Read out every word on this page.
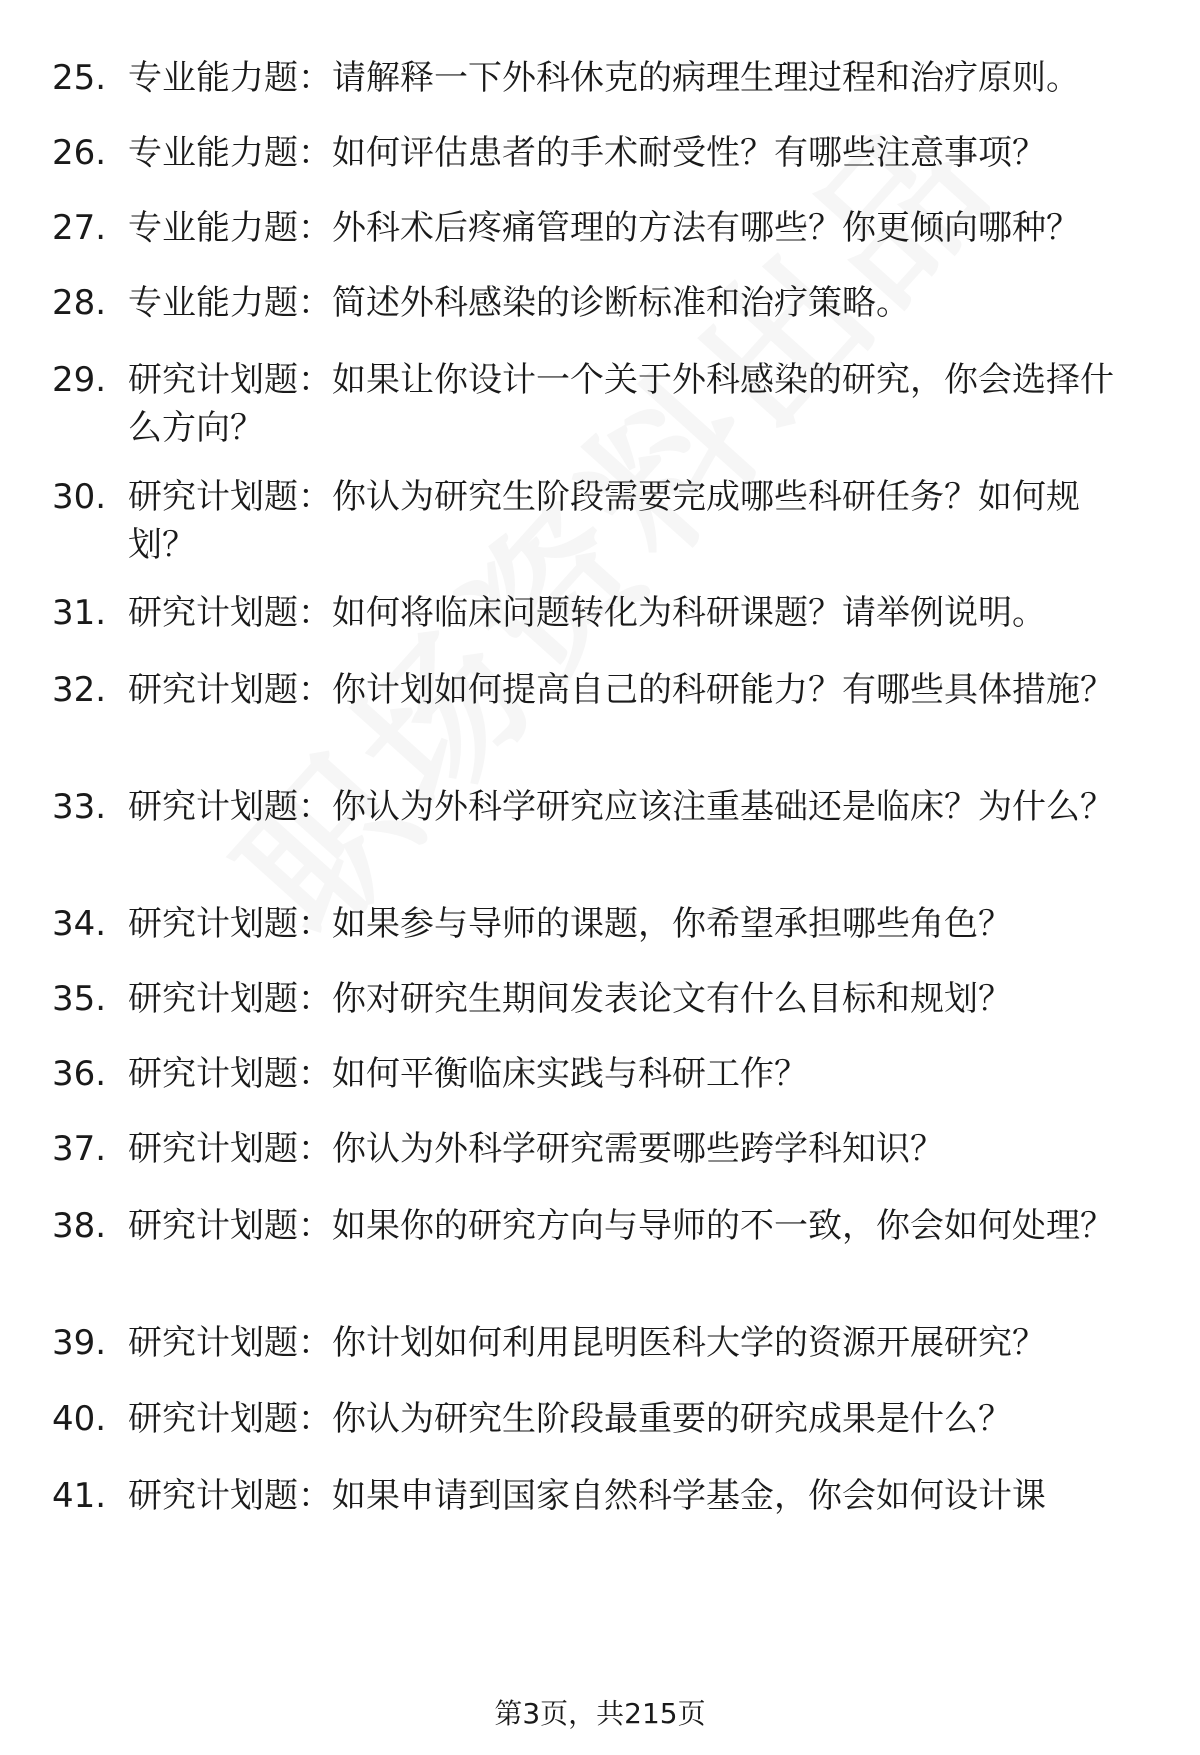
25. 专业能力题：请解释一下外科休克的病理生理过程和治疗原则。
26. 专业能力题：如何评估患者的手术耐受性？有哪些注意事项？
27. 专业能力题：外科术后疼痛管理的方法有哪些？你更倾向哪种？
28. 专业能力题：简述外科感染的诊断标准和治疗策略。
29. 研究计划题：如果让你设计一个关于外科感染的研究，你会选择什么方向？
30. 研究计划题：你认为研究生阶段需要完成哪些科研任务？如何规划？
31. 研究计划题：如何将临床问题转化为科研课题？请举例说明。
32. 研究计划题：你计划如何提高自己的科研能力？有哪些具体措施？
33. 研究计划题：你认为外科学研究应该注重基础还是临床？为什么？
34. 研究计划题：如果参与导师的课题，你希望承担哪些角色？
35. 研究计划题：你对研究生期间发表论文有什么目标和规划？
36. 研究计划题：如何平衡临床实践与科研工作？
37. 研究计划题：你认为外科学研究需要哪些跨学科知识？
38. 研究计划题：如果你的研究方向与导师的不一致，你会如何处理？
39. 研究计划题：你计划如何利用昆明医科大学的资源开展研究？
40. 研究计划题：你认为研究生阶段最重要的研究成果是什么？
41. 研究计划题：如果申请到国家自然科学基金，你会如何设计课
第3页，共215页
